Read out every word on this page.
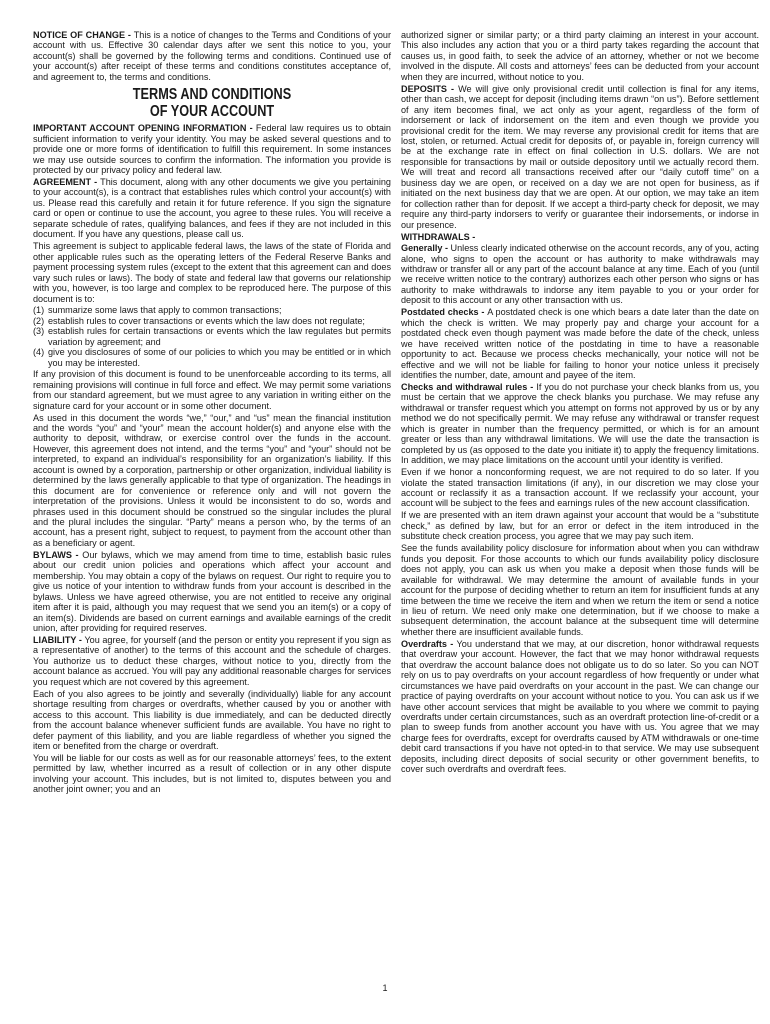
NOTICE OF CHANGE - This is a notice of changes to the Terms and Conditions of your account with us. Effective 30 calendar days after we sent this notice to you, your account(s) shall be governed by the following terms and conditions. Continued use of your account(s) after receipt of these terms and conditions constitutes acceptance of, and agreement to, the terms and conditions.

TERMS AND CONDITIONS
OF YOUR ACCOUNT

IMPORTANT ACCOUNT OPENING INFORMATION - Federal law requires us to obtain sufficient information to verify your identity. You may be asked several questions and to provide one or more forms of identification to fulfill this requirement. In some instances we may use outside sources to confirm the information. The information you provide is protected by our privacy policy and federal law.

AGREEMENT - This document, along with any other documents we give you pertaining to your account(s), is a contract that establishes rules which control your account(s) with us. Please read this carefully and retain it for future reference. If you sign the signature card or open or continue to use the account, you agree to these rules. You will receive a separate schedule of rates, qualifying balances, and fees if they are not included in this document. If you have any questions, please call us.

This agreement is subject to applicable federal laws, the laws of the state of Florida and other applicable rules such as the operating letters of the Federal Reserve Banks and payment processing system rules (except to the extent that this agreement can and does vary such rules or laws). The body of state and federal law that governs our relationship with you, however, is too large and complex to be reproduced here. The purpose of this document is to:

(1) summarize some laws that apply to common transactions;
(2) establish rules to cover transactions or events which the law does not regulate;
(3) establish rules for certain transactions or events which the law regulates but permits variation by agreement; and
(4) give you disclosures of some of our policies to which you may be entitled or in which you may be interested.

If any provision of this document is found to be unenforceable according to its terms, all remaining provisions will continue in full force and effect. We may permit some variations from our standard agreement, but we must agree to any variation in writing either on the signature card for your account or in some other document.

As used in this document the words “we,” “our,” and “us” mean the financial institution and the words “you” and “your” mean the account holder(s) and anyone else with the authority to deposit, withdraw, or exercise control over the funds in the account. However, this agreement does not intend, and the terms “you” and “your” should not be interpreted, to expand an individual’s responsibility for an organization’s liability. If this account is owned by a corporation, partnership or other organization, individual liability is determined by the laws generally applicable to that type of organization. The headings in this document are for convenience or reference only and will not govern the interpretation of the provisions. Unless it would be inconsistent to do so, words and phrases used in this document should be construed so the singular includes the plural and the plural includes the singular. “Party” means a person who, by the terms of an account, has a present right, subject to request, to payment from the account other than as a beneficiary or agent.

BYLAWS - Our bylaws, which we may amend from time to time, establish basic rules about our credit union policies and operations which affect your account and membership. You may obtain a copy of the bylaws on request. Our right to require you to give us notice of your intention to withdraw funds from your account is described in the bylaws. Unless we have agreed otherwise, you are not entitled to receive any original item after it is paid, although you may request that we send you an item(s) or a copy of an item(s). Dividends are based on current earnings and available earnings of the credit union, after providing for required reserves.

LIABILITY - You agree, for yourself (and the person or entity you represent if you sign as a representative of another) to the terms of this account and the schedule of charges. You authorize us to deduct these charges, without notice to you, directly from the account balance as accrued. You will pay any additional reasonable charges for services you request which are not covered by this agreement.

Each of you also agrees to be jointly and severally (individually) liable for any account shortage resulting from charges or overdrafts, whether caused by you or another with access to this account. This liability is due immediately, and can be deducted directly from the account balance whenever sufficient funds are available. You have no right to defer payment of this liability, and you are liable regardless of whether you signed the item or benefited from the charge or overdraft.

You will be liable for our costs as well as for our reasonable attorneys’ fees, to the extent permitted by law, whether incurred as a result of collection or in any other dispute involving your account. This includes, but is not limited to, disputes between you and another joint owner; you and an

authorized signer or similar party; or a third party claiming an interest in your account. This also includes any action that you or a third party takes regarding the account that causes us, in good faith, to seek the advice of an attorney, whether or not we become involved in the dispute. All costs and attorneys’ fees can be deducted from your account when they are incurred, without notice to you.

DEPOSITS - We will give only provisional credit until collection is final for any items, other than cash, we accept for deposit (including items drawn “on us”). Before settlement of any item becomes final, we act only as your agent, regardless of the form of indorsement or lack of indorsement on the item and even though we provide you provisional credit for the item. We may reverse any provisional credit for items that are lost, stolen, or returned. Actual credit for deposits of, or payable in, foreign currency will be at the exchange rate in effect on final collection in U.S. dollars. We are not responsible for transactions by mail or outside depository until we actually record them. We will treat and record all transactions received after our “daily cutoff time” on a business day we are open, or received on a day we are not open for business, as if initiated on the next business day that we are open. At our option, we may take an item for collection rather than for deposit. If we accept a third-party check for deposit, we may require any third-party indorsers to verify or guarantee their indorsements, or indorse in our presence.

WITHDRAWALS -

Generally - Unless clearly indicated otherwise on the account records, any of you, acting alone, who signs to open the account or has authority to make withdrawals may withdraw or transfer all or any part of the account balance at any time. Each of you (until we receive written notice to the contrary) authorizes each other person who signs or has authority to make withdrawals to indorse any item payable to you or your order for deposit to this account or any other transaction with us.

Postdated checks - A postdated check is one which bears a date later than the date on which the check is written. We may properly pay and charge your account for a postdated check even though payment was made before the date of the check, unless we have received written notice of the postdating in time to have a reasonable opportunity to act. Because we process checks mechanically, your notice will not be effective and we will not be liable for failing to honor your notice unless it precisely identifies the number, date, amount and payee of the item.

Checks and withdrawal rules - If you do not purchase your check blanks from us, you must be certain that we approve the check blanks you purchase. We may refuse any withdrawal or transfer request which you attempt on forms not approved by us or by any method we do not specifically permit. We may refuse any withdrawal or transfer request which is greater in number than the frequency permitted, or which is for an amount greater or less than any withdrawal limitations. We will use the date the transaction is completed by us (as opposed to the date you initiate it) to apply the frequency limitations. In addition, we may place limitations on the account until your identity is verified.

Even if we honor a nonconforming request, we are not required to do so later. If you violate the stated transaction limitations (if any), in our discretion we may close your account or reclassify it as a transaction account. If we reclassify your account, your account will be subject to the fees and earnings rules of the new account classification.

If we are presented with an item drawn against your account that would be a “substitute check,” as defined by law, but for an error or defect in the item introduced in the substitute check creation process, you agree that we may pay such item.

See the funds availability policy disclosure for information about when you can withdraw funds you deposit. For those accounts to which our funds availability policy disclosure does not apply, you can ask us when you make a deposit when those funds will be available for withdrawal. We may determine the amount of available funds in your account for the purpose of deciding whether to return an item for insufficient funds at any time between the time we receive the item and when we return the item or send a notice in lieu of return. We need only make one determination, but if we choose to make a subsequent determination, the account balance at the subsequent time will determine whether there are insufficient available funds.

Overdrafts - You understand that we may, at our discretion, honor withdrawal requests that overdraw your account. However, the fact that we may honor withdrawal requests that overdraw the account balance does not obligate us to do so later. So you can NOT rely on us to pay overdrafts on your account regardless of how frequently or under what circumstances we have paid overdrafts on your account in the past. We can change our practice of paying overdrafts on your account without notice to you. You can ask us if we have other account services that might be available to you where we commit to paying overdrafts under certain circumstances, such as an overdraft protection line-of-credit or a plan to sweep funds from another account you have with us. You agree that we may charge fees for overdrafts, except for overdrafts caused by ATM withdrawals or one-time debit card transactions if you have not opted-in to that service. We may use subsequent deposits, including direct deposits of social security or other government benefits, to cover such overdrafts and overdraft fees.

1
